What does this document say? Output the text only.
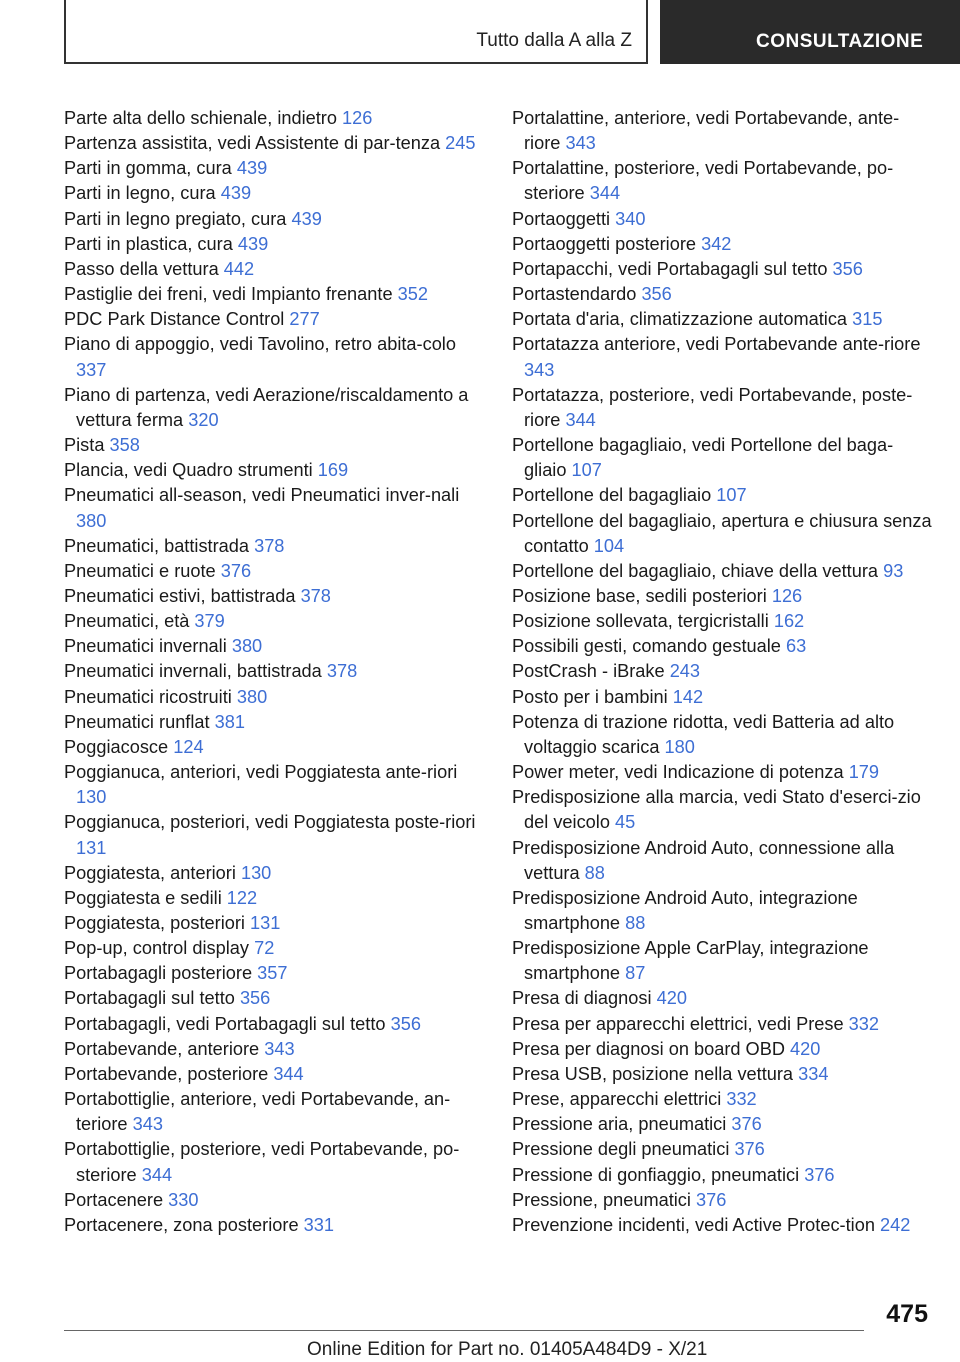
Tutto dalla A alla Z	CONSULTAZIONE
Parte alta dello schienale, indietro 126
Partenza assistita, vedi Assistente di par-tenza 245
Parti in gomma, cura 439
Parti in legno, cura 439
Parti in legno pregiato, cura 439
Parti in plastica, cura 439
Passo della vettura 442
Pastiglie dei freni, vedi Impianto frenante 352
PDC Park Distance Control 277
Piano di appoggio, vedi Tavolino, retro abita-colo 337
Piano di partenza, vedi Aerazione/riscaldamento a vettura ferma 320
Pista 358
Plancia, vedi Quadro strumenti 169
Pneumatici all-season, vedi Pneumatici inver-nali 380
Pneumatici, battistrada 378
Pneumatici e ruote 376
Pneumatici estivi, battistrada 378
Pneumatici, età 379
Pneumatici invernali 380
Pneumatici invernali, battistrada 378
Pneumatici ricostruiti 380
Pneumatici runflat 381
Poggiacosce 124
Poggianuca, anteriori, vedi Poggiatesta ante-riori 130
Poggianuca, posteriori, vedi Poggiatesta poste-riori 131
Poggiatesta, anteriori 130
Poggiatesta e sedili 122
Poggiatesta, posteriori 131
Pop-up, control display 72
Portabagagli posteriore 357
Portabagagli sul tetto 356
Portabagagli, vedi Portabagagli sul tetto 356
Portabevande, anteriore 343
Portabevande, posteriore 344
Portabottiglie, anteriore, vedi Portabevande, an-teriore 343
Portabottiglie, posteriore, vedi Portabevande, po-steriore 344
Portacenere 330
Portacenere, zona posteriore 331
Portalattine, anteriore, vedi Portabevande, ante-riore 343
Portalattine, posteriore, vedi Portabevande, po-steriore 344
Portaoggetti 340
Portaoggetti posteriore 342
Portapacchi, vedi Portabagagli sul tetto 356
Portastendardo 356
Portata d'aria, climatizzazione automatica 315
Portatazza anteriore, vedi Portabevande ante-riore 343
Portatazza, posteriore, vedi Portabevande, poste-riore 344
Portellone bagagliaio, vedi Portellone del baga-gliaio 107
Portellone del bagagliaio 107
Portellone del bagagliaio, apertura e chiusura senza contatto 104
Portellone del bagagliaio, chiave della vettura 93
Posizione base, sedili posteriori 126
Posizione sollevata, tergicristalli 162
Possibili gesti, comando gestuale 63
PostCrash - iBrake 243
Posto per i bambini 142
Potenza di trazione ridotta, vedi Batteria ad alto voltaggio scarica 180
Power meter, vedi Indicazione di potenza 179
Predisposizione alla marcia, vedi Stato d'eserci-zio del veicolo 45
Predisposizione Android Auto, connessione alla vettura 88
Predisposizione Android Auto, integrazione smartphone 88
Predisposizione Apple CarPlay, integrazione smartphone 87
Presa di diagnosi 420
Presa per apparecchi elettrici, vedi Prese 332
Presa per diagnosi on board OBD 420
Presa USB, posizione nella vettura 334
Prese, apparecchi elettrici 332
Pressione aria, pneumatici 376
Pressione degli pneumatici 376
Pressione di gonfiaggio, pneumatici 376
Pressione, pneumatici 376
Prevenzione incidenti, vedi Active Protec-tion 242
475
Online Edition for Part no. 01405A484D9 - X/21
